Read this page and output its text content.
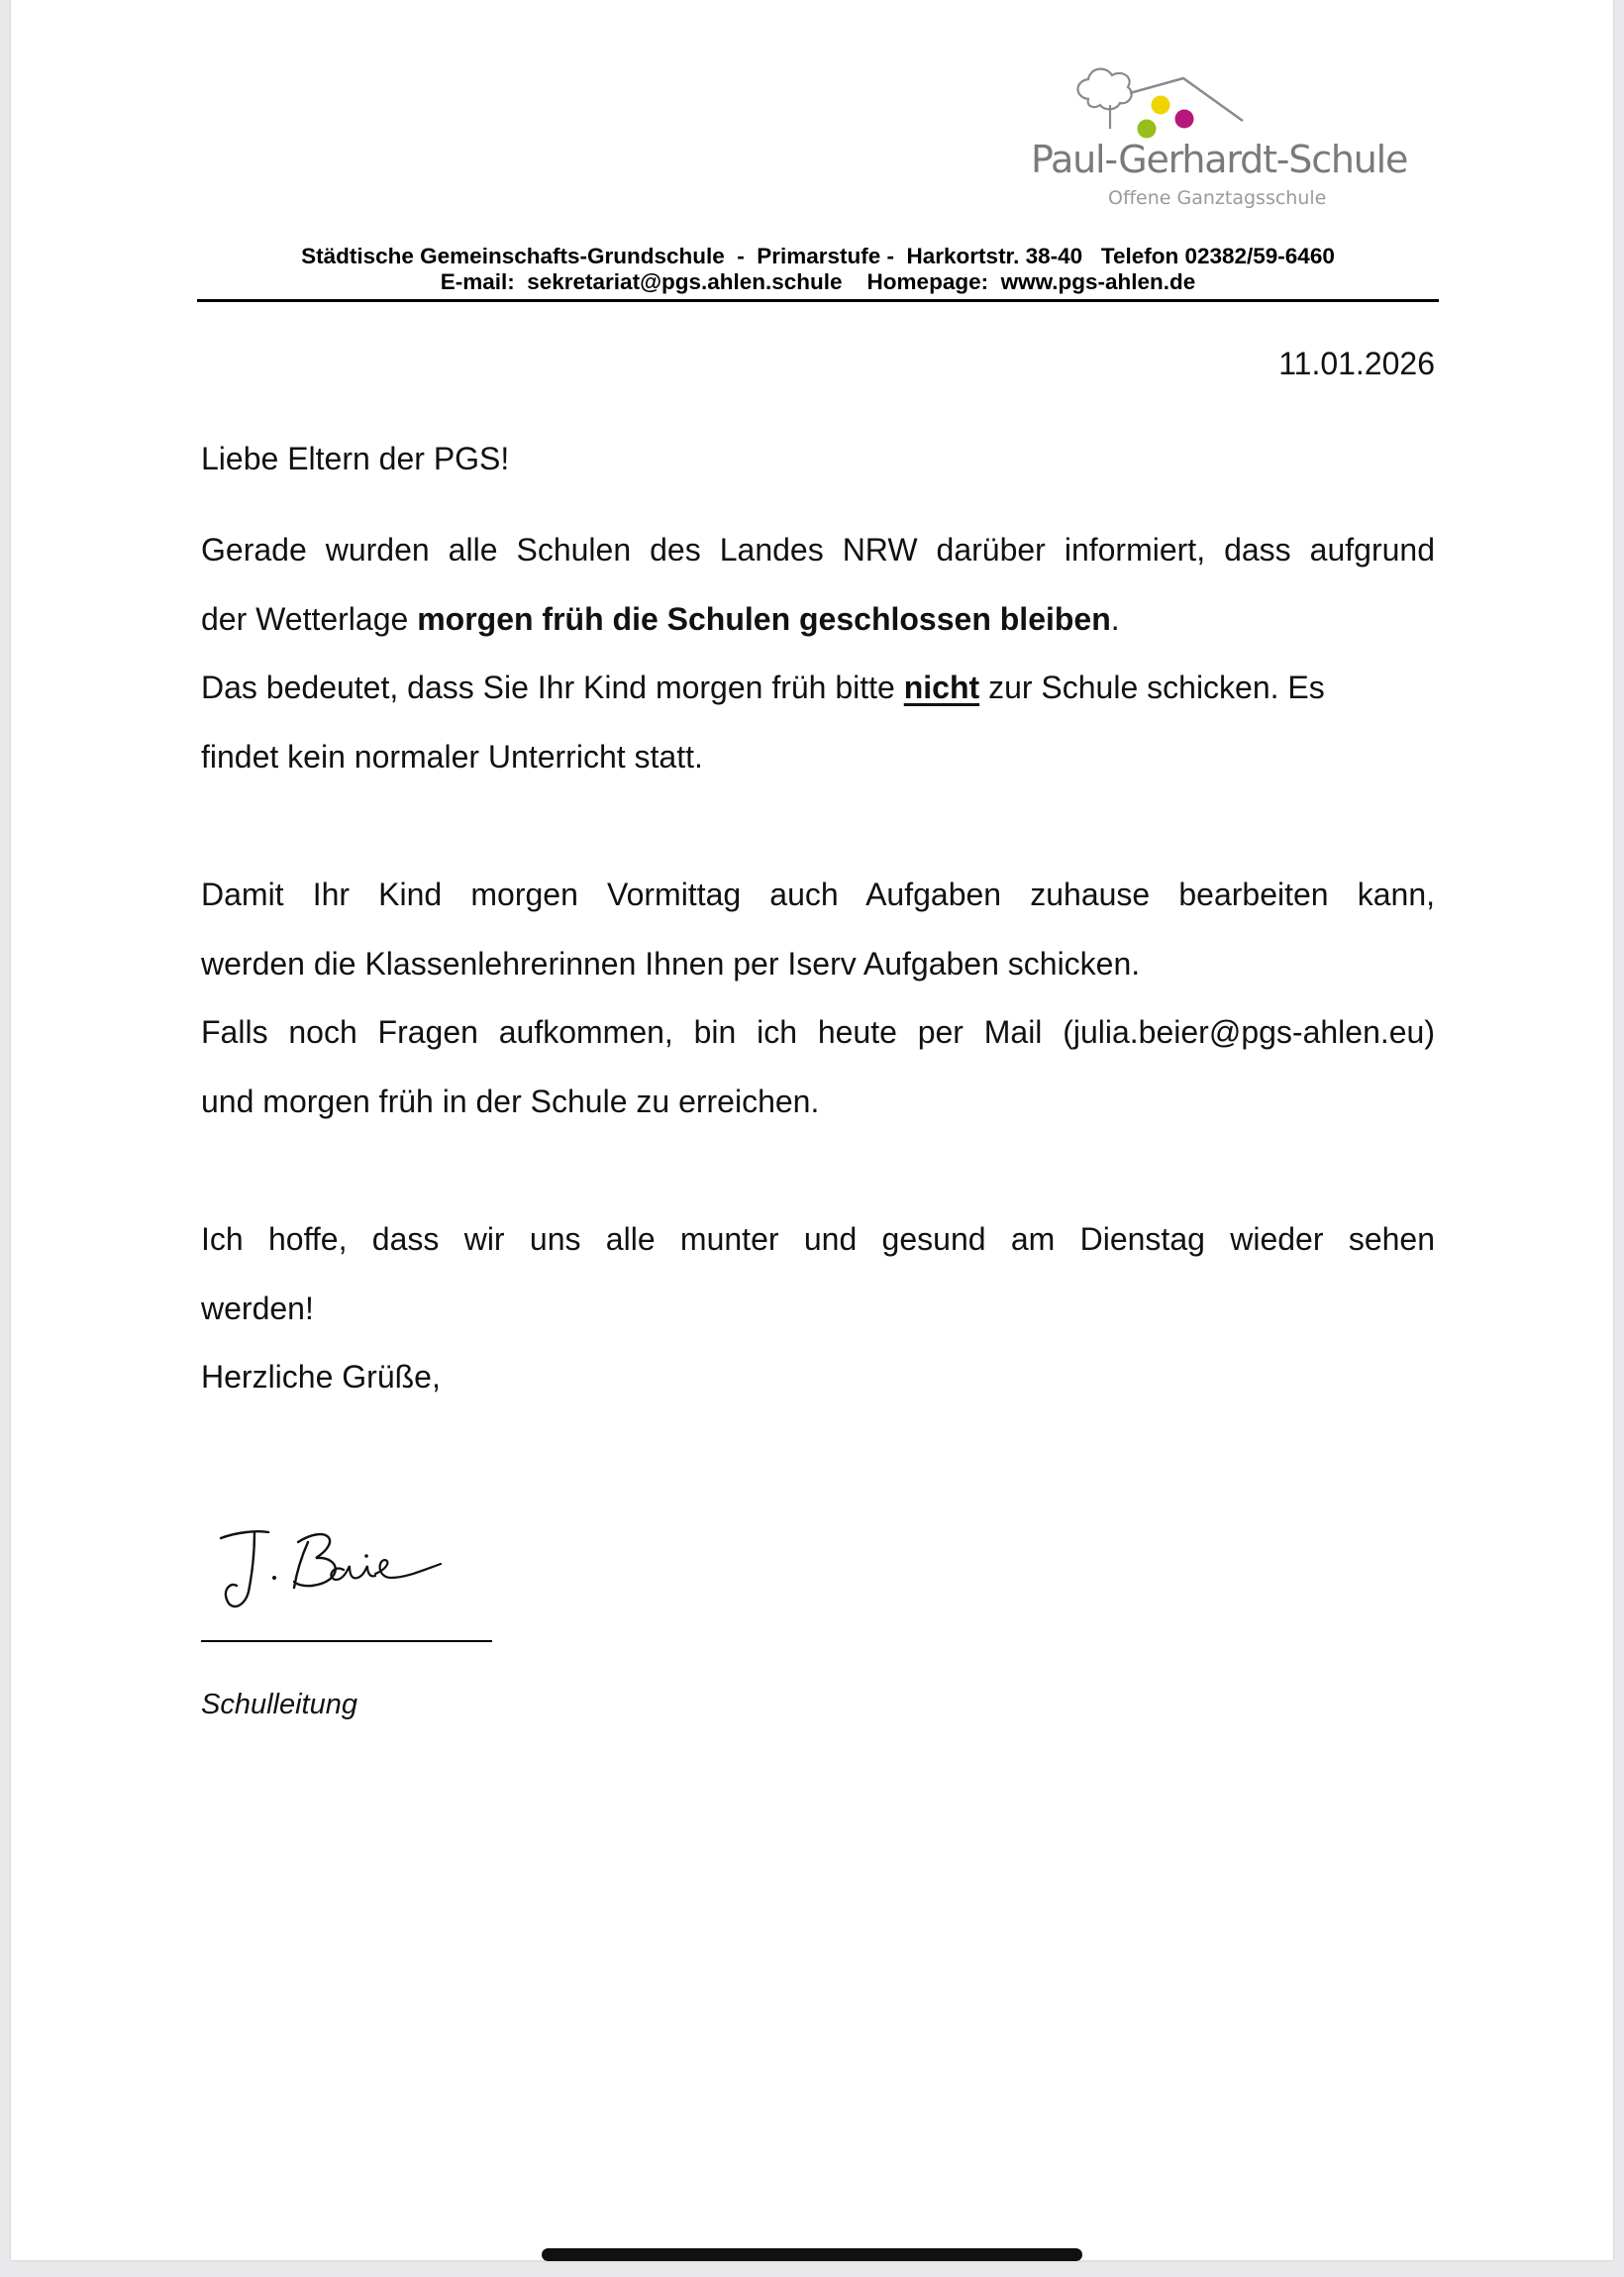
Paul-Gerhardt-Schule
Offene Ganztagsschule
Städtische Gemeinschafts-Grundschule  -  Primarstufe -  Harkortstr. 38-40   Telefon 02382/59-6460
E-mail:  sekretariat@pgs.ahlen.schule    Homepage:  www.pgs-ahlen.de
11.01.2026
Liebe Eltern der PGS!
Gerade wurden alle Schulen des Landes NRW darüber informiert, dass aufgrund
der Wetterlage morgen früh die Schulen geschlossen bleiben.
Das bedeutet, dass Sie Ihr Kind morgen früh bitte nicht zur Schule schicken. Es
findet kein normaler Unterricht statt.
Damit Ihr Kind morgen Vormittag auch Aufgaben zuhause bearbeiten kann,
werden die Klassenlehrerinnen Ihnen per Iserv Aufgaben schicken.
Falls noch Fragen aufkommen, bin ich heute per Mail (julia.beier@pgs-ahlen.eu)
und morgen früh in der Schule zu erreichen.
Ich hoffe, dass wir uns alle munter und gesund am Dienstag wieder sehen
werden!
Herzliche Grüße,
Schulleitung
